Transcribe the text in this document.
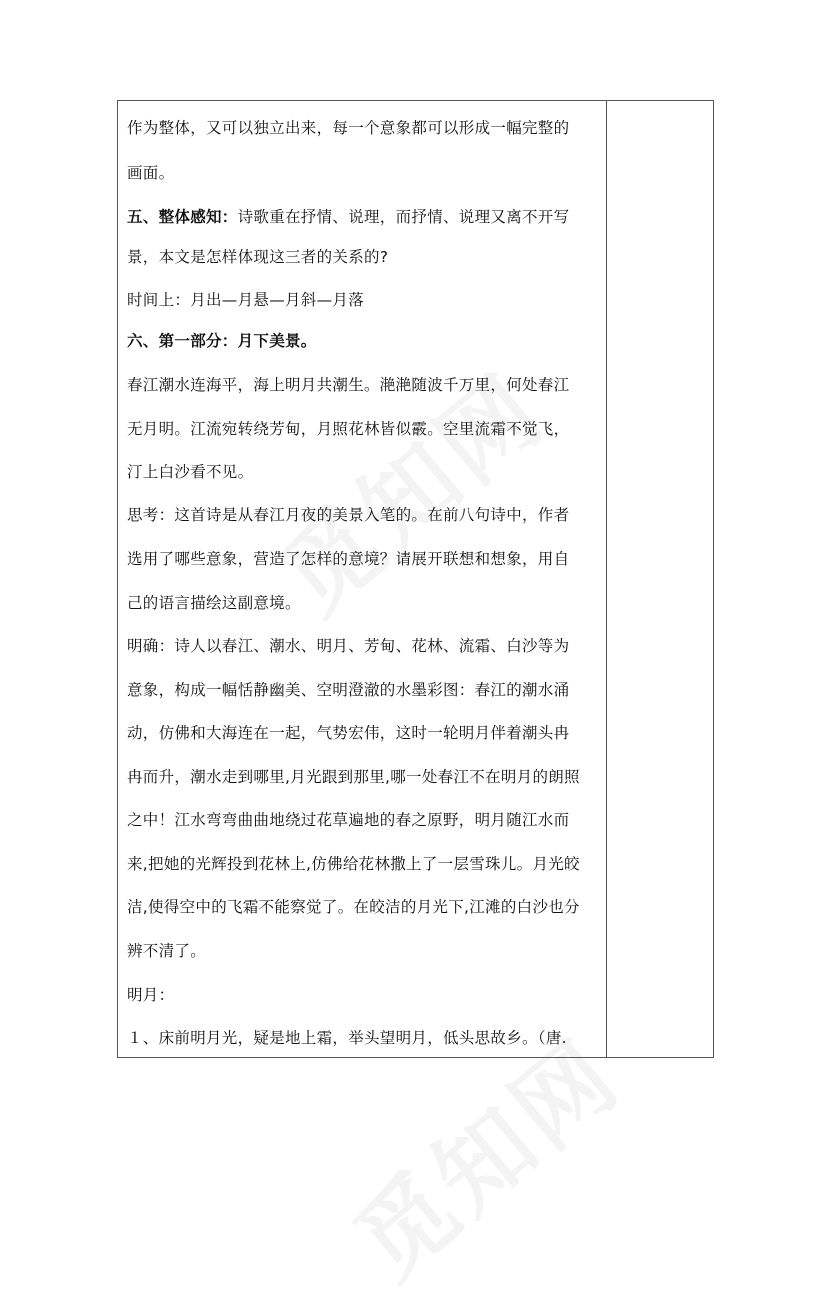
作为整体，又可以独立出来，每一个意象都可以形成一幅完整的
画面。
五、整体感知：诗歌重在抒情、说理，而抒情、说理又离不开写
景，本文是怎样体现这三者的关系的?
时间上：月出—月悬—月斜—月落
六、第一部分：月下美景。
春江潮水连海平，海上明月共潮生。滟滟随波千万里，何处春江
无月明。江流宛转绕芳甸，月照花林皆似霰。空里流霜不觉飞，
汀上白沙看不见。
思考：这首诗是从春江月夜的美景入笔的。在前八句诗中，作者
选用了哪些意象，营造了怎样的意境？请展开联想和想象，用自
己的语言描绘这副意境。
明确：诗人以春江、潮水、明月、芳甸、花林、流霜、白沙等为
意象，构成一幅恬静幽美、空明澄澈的水墨彩图：春江的潮水涌
动，仿佛和大海连在一起，气势宏伟，这时一轮明月伴着潮头冉
冉而升，潮水走到哪里,月光跟到那里,哪一处春江不在明月的朗照
之中！江水弯弯曲曲地绕过花草遍地的春之原野，明月随江水而
来,把她的光辉投到花林上,仿佛给花林撒上了一层雪珠儿。月光皎
洁,使得空中的飞霜不能察觉了。在皎洁的月光下,江滩的白沙也分
辨不清了。
明月：
１、床前明月光，疑是地上霜，举头望明月，低头思故乡。（唐.
